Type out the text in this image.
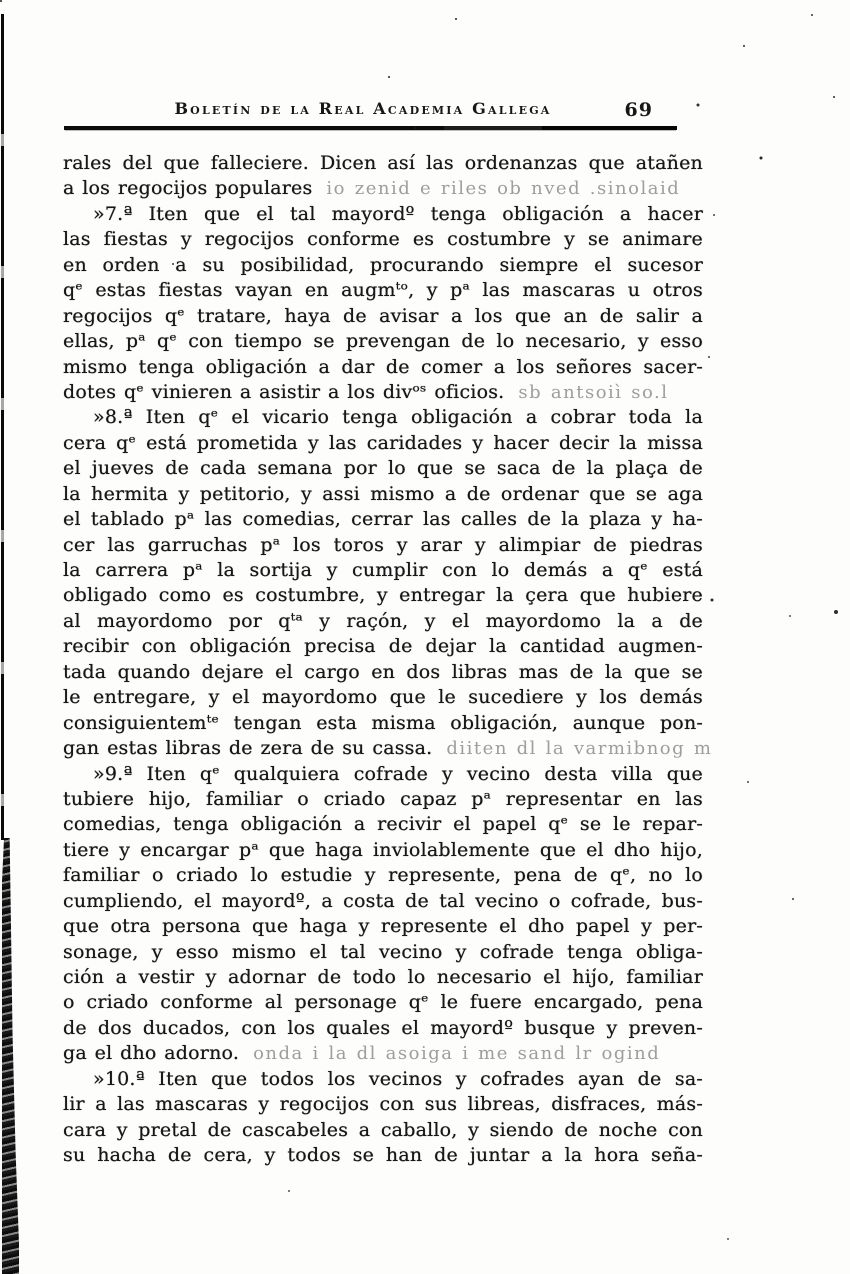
Boletín de la Real Academia Gallega	69
rales del que falleciere. Dicen así las ordenanzas que atañen
a los regocijos populares io zenid e riles ob nved .sinolaid
»7.ª Iten que el tal mayordº tenga obligación a hacer
las fiestas y regocijos conforme es costumbre y se animare
en orden a su posibilidad, procurando siempre el sucesor
qᵉ estas fiestas vayan en augmᵗᵒ, y pᵃ las mascaras u otros
regocijos qᵉ tratare, haya de avisar a los que an de salir a
ellas, pᵃ qᵉ con tiempo se prevengan de lo necesario, y esso
mismo tenga obligación a dar de comer a los señores sacer-
dotes qᵉ vinieren a asistir a los divᵒˢ oficios. sb antsoiì so.l
»8.ª Iten qᵉ el vicario tenga obligación a cobrar toda la
cera qᵉ está prometida y las caridades y hacer decir la missa
el jueves de cada semana por lo que se saca de la plaça de
la hermita y petitorio, y assi mismo a de ordenar que se aga
el tablado pᵃ las comedias, cerrar las calles de la plaza y ha-
cer las garruchas pᵃ los toros y arar y alimpiar de piedras
la carrera pᵃ la sortija y cumplir con lo demás a qᵉ está
obligado como es costumbre, y entregar la çera que hubiere
al mayordomo por qᵗᵃ y raçón, y el mayordomo la a de
recibir con obligación precisa de dejar la cantidad augmen-
tada quando dejare el cargo en dos libras mas de la que se
le entregare, y el mayordomo que le sucediere y los demás
consiguientemᵗᵉ tengan esta misma obligación, aunque pon-
gan estas libras de zera de su cassa. diiten dl la varmibnog m
»9.ª Iten qᵉ qualquiera cofrade y vecino desta villa que
tubiere hijo, familiar o criado capaz pᵃ representar en las
comedias, tenga obligación a recivir el papel qᵉ se le repar-
tiere y encargar pᵃ que haga inviolablemente que el dho hijo,
familiar o criado lo estudie y represente, pena de qᵉ, no lo
cumpliendo, el mayordº, a costa de tal vecino o cofrade, bus-
que otra persona que haga y represente el dho papel y per-
sonage, y esso mismo el tal vecino y cofrade tenga obliga-
ción a vestir y adornar de todo lo necesario el hijo, familiar
o criado conforme al personage qᵉ le fuere encargado, pena
de dos ducados, con los quales el mayordº busque y preven-
ga el dho adorno. onda i la dl asoiga i me sand lr ogind
»10.ª Iten que todos los vecinos y cofrades ayan de sa-
lir a las mascaras y regocijos con sus libreas, disfraces, más-
cara y pretal de cascabeles a caballo, y siendo de noche con
su hacha de cera, y todos se han de juntar a la hora seña-
